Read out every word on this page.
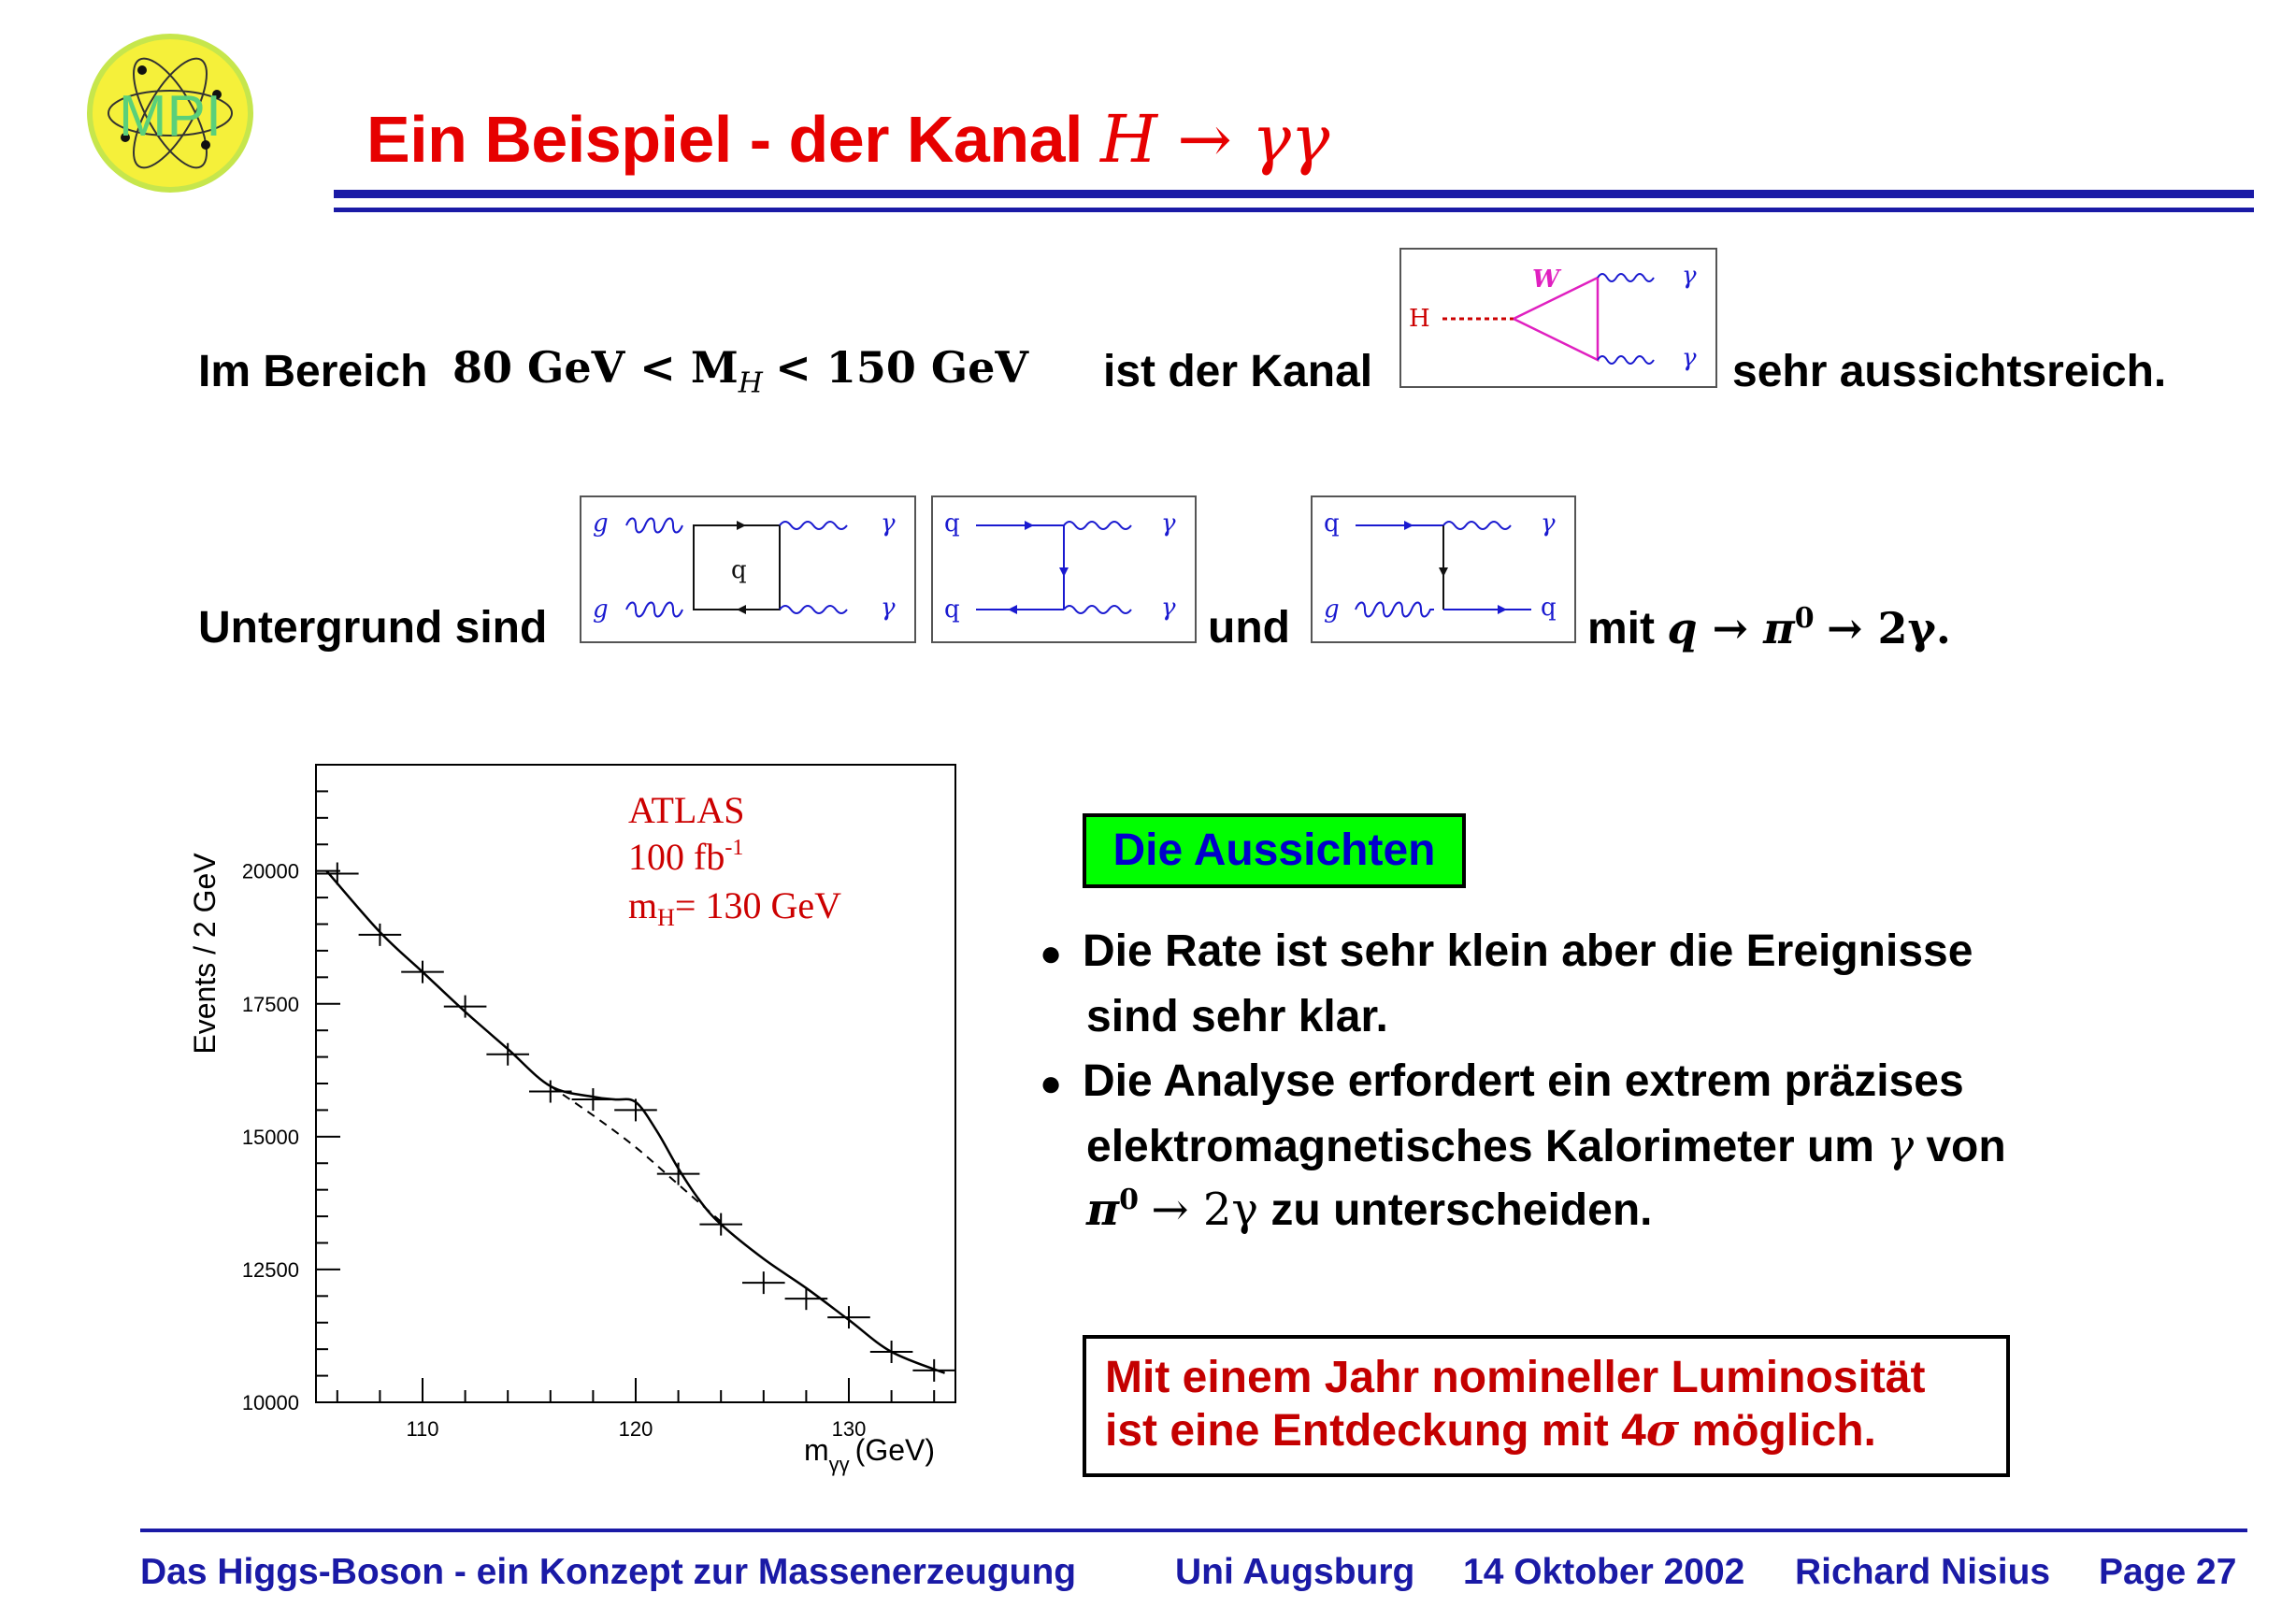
MPI Ein Beispiel - der Kanal H → γγ
Im Bereich 80 GeV < $M_H < 150$ GeV ist der Kanal
H
W	γ
γ sehr aussichtsreich.
Untergrund sind
g
g
q
γ
γ
q
q
γ
γ und
q
g
γ
q mit $q \to \pi^0 \to 2\gamma$.
10000
12500
15000
17500
20000
110	120	130
Events / 2 GeV
$m_{\gamma\gamma}$ (GeV)
ATLAS
100 $fb^{-1}$
$m_H= 130$ GeV
Die Aussichten
● Die Rate ist sehr klein aber die Ereignisse
sind sehr klar.
● Die Analyse erfordert ein extrem präzises
elektromagnetisches Kalorimeter um γ von
$\pi^0 \to 2\gamma$ zu unterscheiden.
Mit einem Jahr nomineller Luminosität
ist eine Entdeckung mit 4σ möglich.
Das Higgs-Boson - ein Konzept zur Massenerzeugung	Uni Augsburg 14 Oktober 2002 Richard Nisius Page 27
